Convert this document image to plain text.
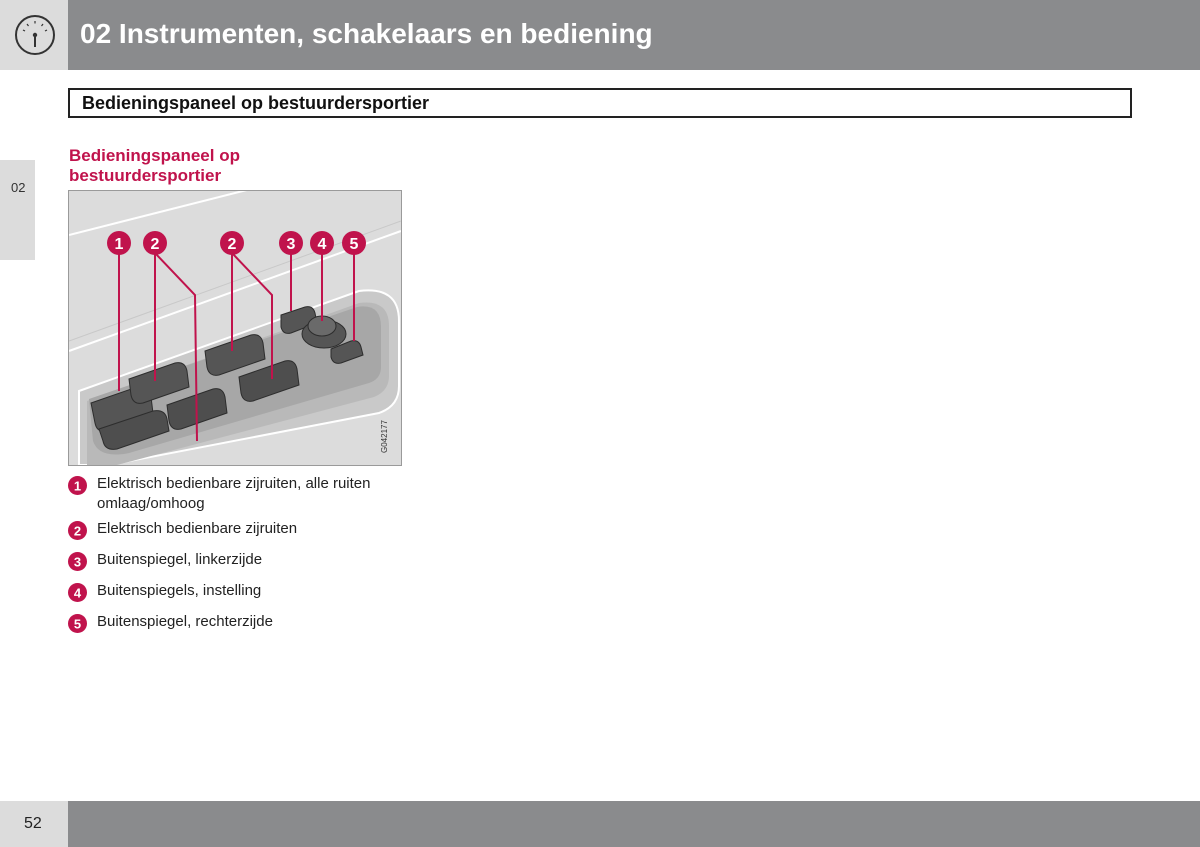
02 Instrumenten, schakelaars en bediening
02
Bedieningspaneel op bestuurdersportier
Bedieningspaneel op bestuurdersportier
1 2	2	3 4 5
G042177
1 Elektrisch bedienbare zijruiten, alle ruiten omlaag/omhoog
2 Elektrisch bedienbare zijruiten
3 Buitenspiegel, linkerzijde
4 Buitenspiegels, instelling
5 Buitenspiegel, rechterzijde
52
